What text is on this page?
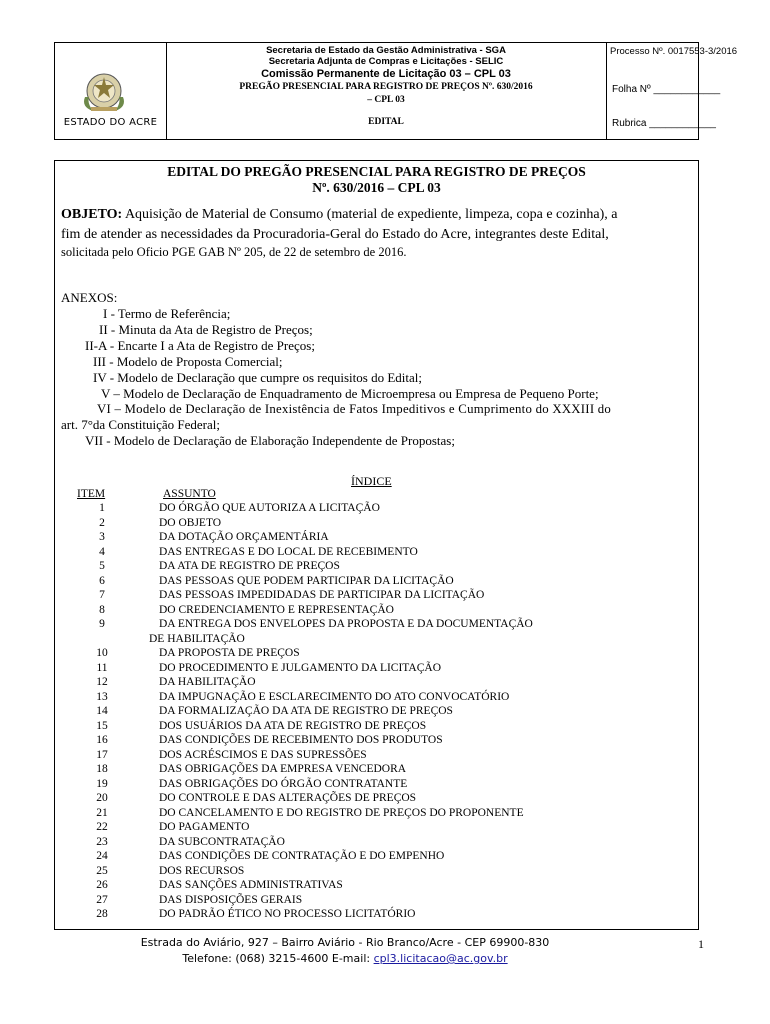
ESTADO DO ACRE
Secretaria de Estado da Gestão Administrativa - SGA
Secretaria Adjunta de Compras e Licitações - SELIC
Comissão Permanente de Licitação 03 – CPL 03
PREGÃO PRESENCIAL PARA REGISTRO DE PREÇOS Nº. 630/2016
– CPL 03
EDITAL
Processo Nº. 0017553-3/2016
Folha Nº ____________
Rubrica ____________
EDITAL DO PREGÃO PRESENCIAL PARA REGISTRO DE PREÇOS
Nº. 630/2016 – CPL 03
OBJETO: Aquisição de Material de Consumo (material de expediente, limpeza, copa e cozinha), a
fim de atender as necessidades da Procuradoria-Geral do Estado do Acre, integrantes deste Edital,
solicitada pelo Oficio PGE GAB Nº 205, de 22 de setembro de 2016.
ANEXOS:
I - Termo de Referência;
II - Minuta da Ata de Registro de Preços;
II-A - Encarte I a Ata de Registro de Preços;
III - Modelo de Proposta Comercial;
IV - Modelo de Declaração que cumpre os requisitos do Edital;
V – Modelo de Declaração de Enquadramento de Microempresa ou Empresa de Pequeno Porte;
VI – Modelo de Declaração de Inexistência de Fatos Impeditivos e Cumprimento do XXXIII do
art. 7°da Constituição Federal;
VII - Modelo de Declaração de Elaboração Independente de Propostas;
ÍNDICE
ITEM	ASSUNTO
1	DO ÓRGÃO QUE AUTORIZA A LICITAÇÃO
2	DO OBJETO
3	DA DOTAÇÃO ORÇAMENTÁRIA
4	DAS ENTREGAS E DO LOCAL DE RECEBIMENTO
5	DA ATA DE REGISTRO DE PREÇOS
6	DAS PESSOAS QUE PODEM PARTICIPAR DA LICITAÇÃO
7	DAS PESSOAS IMPEDIDADAS DE PARTICIPAR DA LICITAÇÃO
8	DO CREDENCIAMENTO E REPRESENTAÇÃO
9	DA ENTREGA DOS ENVELOPES DA PROPOSTA E DA DOCUMENTAÇÃO
DE HABILITAÇÃO
10	DA PROPOSTA DE PREÇOS
11	DO PROCEDIMENTO E JULGAMENTO DA LICITAÇÃO
12	DA HABILITAÇÃO
13	DA IMPUGNAÇÃO E ESCLARECIMENTO DO ATO CONVOCATÓRIO
14	DA FORMALIZAÇÃO DA ATA DE REGISTRO DE PREÇOS
15	DOS USUÁRIOS DA ATA DE REGISTRO DE PREÇOS
16	DAS CONDIÇÕES DE RECEBIMENTO DOS PRODUTOS
17	DOS ACRÉSCIMOS E DAS SUPRESSÕES
18	DAS OBRIGAÇÕES DA EMPRESA VENCEDORA
19	DAS OBRIGAÇÕES DO ÓRGÃO CONTRATANTE
20	DO CONTROLE E DAS ALTERAÇÕES DE PREÇOS
21	DO CANCELAMENTO E DO REGISTRO DE PREÇOS DO PROPONENTE
22	DO PAGAMENTO
23	DA SUBCONTRATAÇÃO
24	DAS CONDIÇÕES DE CONTRATAÇÃO E DO EMPENHO
25	DOS RECURSOS
26	DAS SANÇÕES ADMINISTRATIVAS
27	DAS DISPOSIÇÕES GERAIS
28	DO PADRÃO ÉTICO NO PROCESSO LICITATÓRIO
Estrada do Aviário, 927 – Bairro Aviário - Rio Branco/Acre - CEP 69900-830
Telefone: (068) 3215-4600 E-mail: cpl3.licitacao@ac.gov.br
1
